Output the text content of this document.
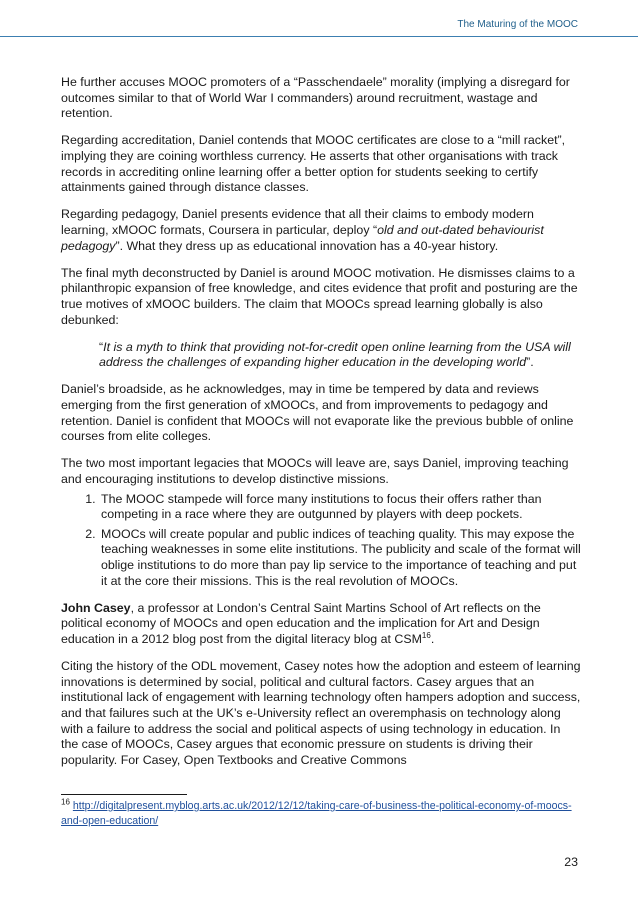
The Maturing of the MOOC

He further accuses MOOC promoters of a “Passchendaele” morality (implying a disregard for outcomes similar to that of World War I commanders) around recruitment, wastage and retention.

Regarding accreditation, Daniel contends that MOOC certificates are close to a “mill racket”, implying they are coining worthless currency. He asserts that other organisations with track records in accrediting online learning offer a better option for students seeking to certify attainments gained through distance classes.

Regarding pedagogy, Daniel presents evidence that all their claims to embody modern learning, xMOOC formats, Coursera in particular, deploy “old and out-dated behaviourist pedagogy”. What they dress up as educational innovation has a 40-year history.

The final myth deconstructed by Daniel is around MOOC motivation. He dismisses claims to a philanthropic expansion of free knowledge, and cites evidence that profit and posturing are the true motives of xMOOC builders. The claim that MOOCs spread learning globally is also debunked:

“It is a myth to think that providing not-for-credit open online learning from the USA will address the challenges of expanding higher education in the developing world”.

Daniel’s broadside, as he acknowledges, may in time be tempered by data and reviews emerging from the first generation of xMOOCs, and from improvements to pedagogy and retention. Daniel is confident that MOOCs will not evaporate like the previous bubble of online courses from elite colleges.

The two most important legacies that MOOCs will leave are, says Daniel, improving teaching and encouraging institutions to develop distinctive missions.

1. The MOOC stampede will force many institutions to focus their offers rather than competing in a race where they are outgunned by players with deep pockets.
2. MOOCs will create popular and public indices of teaching quality. This may expose the teaching weaknesses in some elite institutions. The publicity and scale of the format will oblige institutions to do more than pay lip service to the importance of teaching and put it at the core their missions. This is the real revolution of MOOCs.

John Casey, a professor at London’s Central Saint Martins School of Art reflects on the political economy of MOOCs and open education and the implication for Art and Design education in a 2012 blog post from the digital literacy blog at CSM$^{16}$.

Citing the history of the ODL movement, Casey notes how the adoption and esteem of learning innovations is determined by social, political and cultural factors. Casey argues that an institutional lack of engagement with learning technology often hampers adoption and success, and that failures such at the UK’s e-University reflect an overemphasis on technology along with a failure to address the social and political aspects of using technology in education. In the case of MOOCs, Casey argues that economic pressure on students is driving their popularity. For Casey, Open Textbooks and Creative Commons

$^{16}$ http://digitalpresent.myblog.arts.ac.uk/2012/12/12/taking-care-of-business-the-political-economy-of-moocs-and-open-education/
23
